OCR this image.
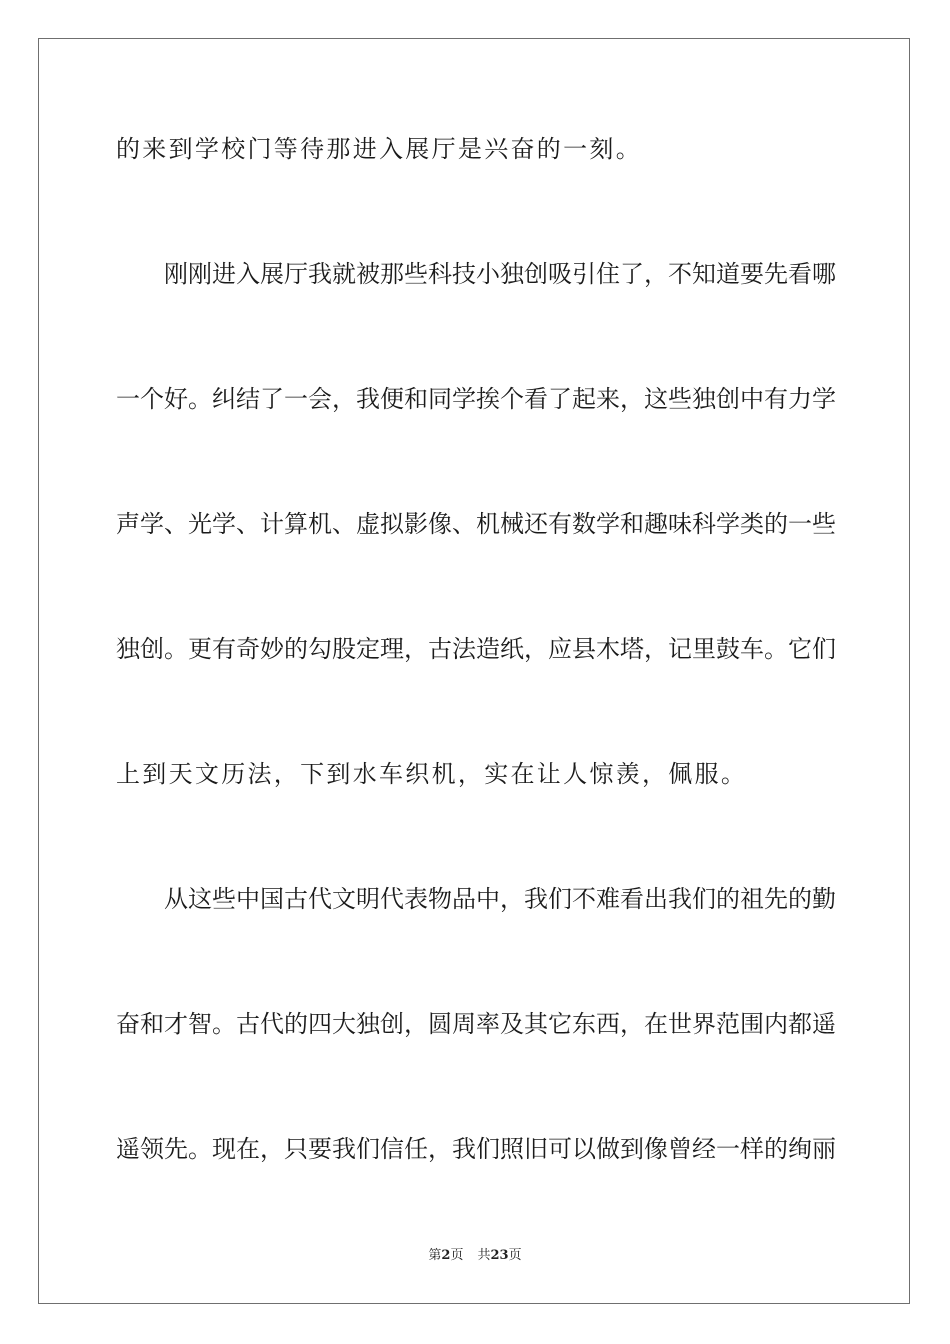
的来到学校门等待那进入展厅是兴奋的一刻。
刚刚进入展厅我就被那些科技小独创吸引住了，不知道要先看哪
一个好。纠结了一会，我便和同学挨个看了起来，这些独创中有力学
声学、光学、计算机、虚拟影像、机械还有数学和趣味科学类的一些
独创。更有奇妙的勾股定理，古法造纸，应县木塔，记里鼓车。它们
上到天文历法，下到水车织机，实在让人惊羡，佩服。
从这些中国古代文明代表物品中，我们不难看出我们的祖先的勤
奋和才智。古代的四大独创，圆周率及其它东西，在世界范围内都遥
遥领先。现在，只要我们信任，我们照旧可以做到像曾经一样的绚丽
第2页 共23页
